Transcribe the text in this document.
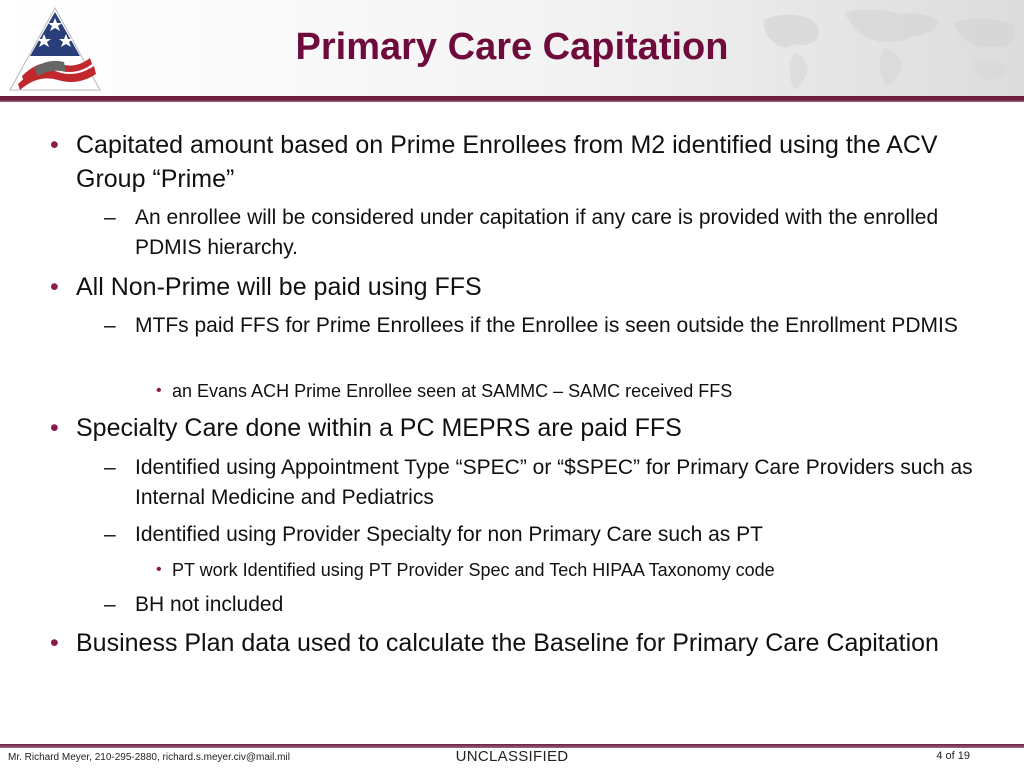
Primary Care Capitation
• Capitated amount based on Prime Enrollees from M2 identified using the ACV Group “Prime”
– An enrollee will be considered under capitation if any care is provided with the enrolled PDMIS hierarchy.
• All Non-Prime will be paid using FFS
– MTFs paid FFS for Prime Enrollees if the Enrollee is seen outside the Enrollment PDMIS
• an Evans ACH Prime Enrollee seen at SAMMC – SAMC received FFS
• Specialty Care done within a PC MEPRS are paid FFS
– Identified using Appointment Type “SPEC” or “$SPEC” for Primary Care Providers such as Internal Medicine and Pediatrics
– Identified using Provider Specialty for non Primary Care such as PT
• PT work Identified using PT Provider Spec and Tech HIPAA Taxonomy code
– BH not included
• Business Plan data used to calculate the Baseline for Primary Care Capitation
Mr. Richard Meyer, 210-295-2880, richard.s.meyer.civ@mail.mil	UNCLASSIFIED	4 of 19
